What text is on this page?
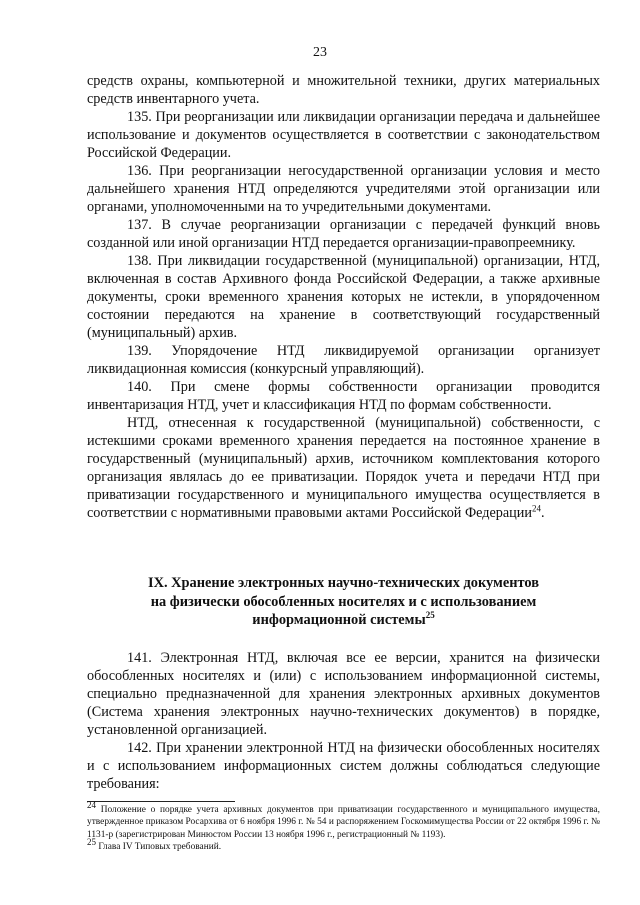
23

средств охраны, компьютерной и множительной техники, других материальных средств инвентарного учета.

135. При реорганизации или ликвидации организации передача и дальнейшее использование и документов осуществляется в соответствии с законодательством Российской Федерации.

136. При реорганизации негосударственной организации условия и место дальнейшего хранения НТД определяются учредителями этой организации или органами, уполномоченными на то учредительными документами.

137. В случае реорганизации организации с передачей функций вновь созданной или иной организации НТД передается организации-правопреемнику.

138. При ликвидации государственной (муниципальной) организации, НТД, включенная в состав Архивного фонда Российской Федерации, а также архивные документы, сроки временного хранения которых не истекли, в упорядоченном состоянии передаются на хранение в соответствующий государственный (муниципальный) архив.

139. Упорядочение НТД ликвидируемой организации организует ликвидационная комиссия (конкурсный управляющий).

140. При смене формы собственности организации проводится инвентаризация НТД, учет и классификация НТД по формам собственности.

НТД, отнесенная к государственной (муниципальной) собственности, с истекшими сроками временного хранения передается на постоянное хранение в государственный (муниципальный) архив, источником комплектования которого организация являлась до ее приватизации. Порядок учета и передачи НТД при приватизации государственного и муниципального имущества осуществляется в соответствии с нормативными правовыми актами Российской Федерации$^{24}$.

IX. Хранение электронных научно-технических документов

на физически обособленных носителях и с использованием

информационной системы$^{25}$

141. Электронная НТД, включая все ее версии, хранится на физически обособленных носителях и (или) с использованием информационной системы, специально предназначенной для хранения электронных архивных документов (Система хранения электронных научно-технических документов) в порядке, установленной организацией.

142. При хранении электронной НТД на физически обособленных носителях и с использованием информационных систем должны соблюдаться следующие требования:

$^{24}$ Положение о порядке учета архивных документов при приватизации государственного и муниципального имущества, утвержденное приказом Росархива от 6 ноября 1996 г. № 54 и распоряжением Госкомимущества России от 22 октября 1996 г. № 1131-р (зарегистрирован Минюстом России 13 ноября 1996 г., регистрационный № 1193).

$^{25}$ Глава IV Типовых требований.
